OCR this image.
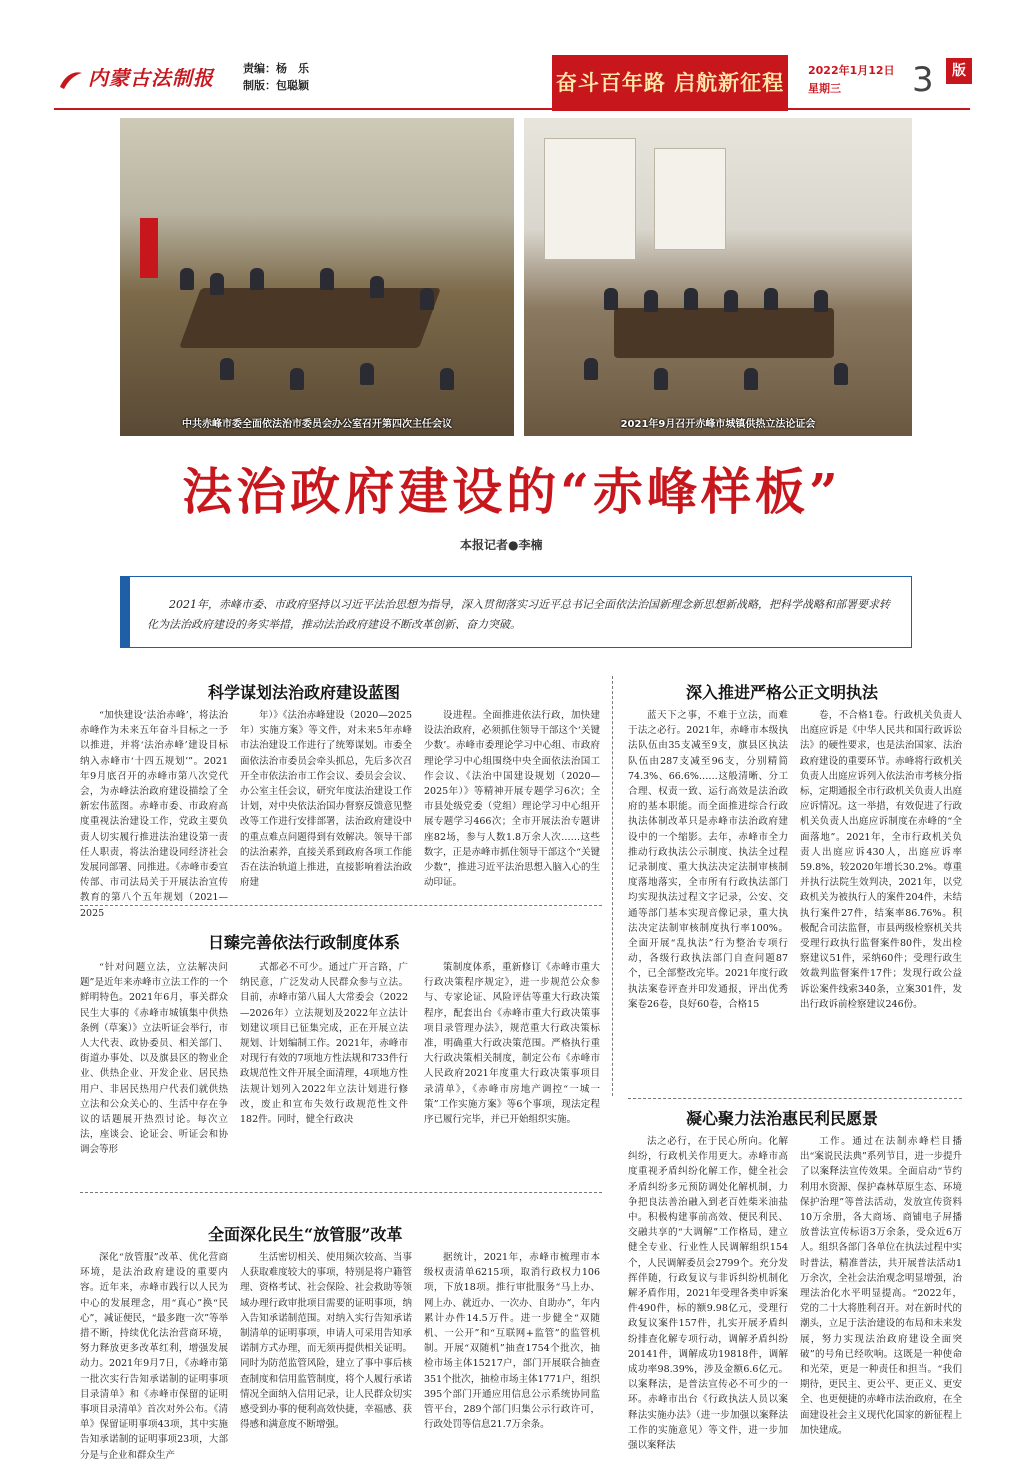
内蒙古法制报	责编：杨　乐
制版：包聪颖	奋斗百年路 启航新征程
2022年1月12日
星期三	3	版
中共赤峰市委全面依法治市委员会办公室召开第四次主任会议	2021年9月召开赤峰市城镇供热立法论证会
法治政府建设的“赤峰样板”
本报记者●李楠
2021年，赤峰市委、市政府坚持以习近平法治思想为指导，深入贯彻落实习近平总书记全面依法治国新理念新思想新战略，把科学战略和部署要求转化为法治政府建设的务实举措，推动法治政府建设不断改革创新、奋力突破。
科学谋划法治政府建设蓝图

“加快建设‘法治赤峰’，将法治赤峰作为未来五年奋斗目标之一予以推进，并将‘法治赤峰’建设目标纳入赤峰市‘十四五规划’”。2021年9月底召开的赤峰市第八次党代会，为赤峰法治政府建设描绘了全新宏伟蓝图。赤峰市委、市政府高度重视法治建设工作，党政主要负责人切实履行推进法治建设第一责任人职责，将法治建设同经济社会发展同部署、同推进。《赤峰市委宣传部、市司法局关于开展法治宣传教育的第八个五年规划（2021—2025

年）》《法治赤峰建设（2020—2025年）实施方案》等文件，对未来5年赤峰市法治建设工作进行了统筹谋划。市委全面依法治市委员会牵头抓总，先后多次召开全市依法治市工作会议、委员会会议、办公室主任会议，研究年度法治建设工作计划，对中央依法治国办督察反馈意见整改等工作进行安排部署，法治政府建设中的重点难点问题得到有效解决。领导干部的法治素养，直接关系到政府各项工作能否在法治轨道上推进，直接影响着法治政府建

设进程。全面推进依法行政，加快建设法治政府，必须抓住领导干部这个‘关键少数’。赤峰市委理论学习中心组、市政府理论学习中心组围绕中央全面依法治国工作会议、《法治中国建设规划（2020—2025年）》等精神开展专题学习6次；全市县处级党委（党组）理论学习中心组开展专题学习466次；全市开展法治专题讲座82场，参与人数1.8万余人次……这些数字，正是赤峰市抓住领导干部这个“关键少数”，推进习近平法治思想入脑入心的生动印证。

深入推进严格公正文明执法

蓝天下之事，不难于立法，而难于法之必行。2021年，赤峰市本级执法队伍由35支减至9支，旗县区执法队伍由287支减至96支，分别精简74.3%、66.6%……这般清晰、分工合理、权责一致、运行高效是法治政府的基本职能。而全面推进综合行政执法体制改革只是赤峰市法治政府建设中的一个缩影。去年，赤峰市全力推动行政执法公示制度、执法全过程记录制度、重大执法决定法制审核制度落地落实，全市所有行政执法部门均实现执法过程文字记录，公安、交通等部门基本实现音像记录，重大执法决定法制审核制度执行率100%。全面开展“乱执法”行为整治专项行动，各级行政执法部门自查问题87个，已全部整改完毕。2021年度行政执法案卷评查并印发通报，评出优秀案卷26卷，良好60卷，合格15

卷，不合格1卷。行政机关负责人出庭应诉是《中华人民共和国行政诉讼法》的硬性要求，也是法治国家、法治政府建设的重要环节。赤峰将行政机关负责人出庭应诉列入依法治市考核分指标，定期通报全市行政机关负责人出庭应诉情况。这一举措，有效促进了行政机关负责人出庭应诉制度在赤峰的“全面落地”。2021年，全市行政机关负责人出庭应诉430人，出庭应诉率59.8%，较2020年增长30.2%。尊重并执行法院生效判决，2021年，以党政机关为被执行人的案件204件，未结执行案件27件，结案率86.76%。积极配合司法监督，市县两级检察机关共受理行政执行监督案件80件，发出检察建议51件，采纳60件；受理行政生效裁判监督案件17件；发现行政公益诉讼案件线索340条，立案301件，发出行政诉前检察建议246份。

日臻完善依法行政制度体系

“针对问题立法，立法解决问题”是近年来赤峰市立法工作的一个鲜明特色。2021年6月，事关群众民生大事的《赤峰市城镇集中供热条例（草案）》立法听证会举行，市人大代表、政协委员、相关部门、街道办事处、以及旗县区的物业企业、供热企业、开发企业、居民热用户、非居民热用户代表们就供热立法和公众关心的、生活中存在争议的话题展开热烈讨论。每次立法，座谈会、论证会、听证会和协调会等形

式都必不可少。通过广开言路，广纳民意，广泛发动人民群众参与立法。目前，赤峰市第八届人大常委会（2022—2026年）立法规划及2022年立法计划建议项目已征集完成，正在开展立法规划、计划编制工作。2021年，赤峰市对现行有效的7项地方性法规和733件行政规范性文件开展全面清理，4项地方性法规计划列入2022年立法计划进行修改，废止和宣布失效行政规范性文件182件。同时，健全行政决

策制度体系，重新修订《赤峰市重大行政决策程序规定》，进一步规范公众参与、专家论证、风险评估等重大行政决策程序，配套出台《赤峰市重大行政决策事项目录管理办法》，规范重大行政决策标准，明确重大行政决策范围。严格执行重大行政决策相关制度，制定公布《赤峰市人民政府2021年度重大行政决策事项目录清单》，《赤峰市房地产调控“一城一策”工作实施方案》等6个事项，现法定程序已履行完毕，并已开始组织实施。	凝心聚力法治惠民利民愿景

法之必行，在于民心所向。化解纠纷，行政机关作用更大。赤峰市高度重视矛盾纠纷化解工作，健全社会矛盾纠纷多元预防调处化解机制，力争把良法善治融入到老百姓柴米油盐中。积极构建事前高效、便民利民、交融共享的“大调解”工作格局，建立健全专业、行业性人民调解组织154个，人民调解委员会2799个。充分发挥伴随，行政复议与非诉纠纷机制化解矛盾作用，2021年受理各类申诉案件490件，标的额9.98亿元，受理行政复议案件157件，扎实开展矛盾纠纷排查化解专项行动，调解矛盾纠纷20141件，调解成功19818件，调解成功率98.39%，涉及金额6.6亿元。以案释法，是普法宣传必不可少的一环。赤峰市出台《行政执法人员以案释法实施办法》（进一步加强以案释法工作的实施意见）等文件，进一步加强以案释法

工作。通过在法制赤峰栏目播出“案说民法典”系列节目，进一步提升了以案释法宣传效果。全面启动“节约利用水资源、保护森林草原生态、环境保护治理”等普法活动，发放宣传资料10万余册，各大商场、商铺电子屏播放普法宣传标语3万余条，受众近6万人。组织各部门各单位在执法过程中实时普法，精准普法，共开展普法活动1万余次，全社会法治观念明显增强，治理法治化水平明显提高。“2022年，党的二十大将胜利召开。对在新时代的潮头，立足于法治建设的布局和未来发展，努力实现法治政府建设全面突破”的号角已经吹响。这既是一种使命和光荣，更是一种责任和担当。“我们期待，更民主、更公平、更正义、更安全、也更便捷的赤峰市法治政府，在全面建设社会主义现代化国家的新征程上加快建成。

全面深化民生“放管服”改革

深化“放管服”改革、优化营商环境，是法治政府建设的重要内容。近年来，赤峰市践行以人民为中心的发展理念，用“真心”换“民心”，减证便民，“最多跑一次”等举措不断，持续优化法治营商环境，努力释放更多改革红利，增强发展动力。2021年9月7日，《赤峰市第一批次实行告知承诺制的证明事项目录清单》和《赤峰市保留的证明事项目录清单》首次对外公布。《清单》保留证明事项43项，其中实施告知承诺制的证明事项23项，大部分是与企业和群众生产

生活密切相关、使用频次较高、当事人获取难度较大的事项，特别是将户籍管理、资格考试、社会保险、社会救助等领域办理行政审批项目需要的证明事项，纳入告知承诺制范围。对纳入实行告知承诺制清单的证明事项，申请人可采用告知承诺制方式办理，而无须再提供相关证明。同时为防范监管风险，建立了事中事后核查制度和信用监管制度，将个人履行承诺情况全面纳入信用记录，让人民群众切实感受到办事的便利高效快捷，幸福感、获得感和满意度不断增强。

据统计，2021年，赤峰市梳理市本级权责清单6215项，取消行政权力106项，下放18项。推行审批服务“马上办、网上办、就近办、一次办、自助办”，年内累计办件14.5万件。进一步健全“双随机、一公开”和“互联网+监管”的监管机制。开展“双随机”抽查1754个批次，抽检市场主体15217户，部门开展联合抽查351个批次，抽检市场主体1771户，组织395个部门开通应用信息公示系统协同监管平台，289个部门归集公示行政许可，行政处罚等信息21.7万余条。
